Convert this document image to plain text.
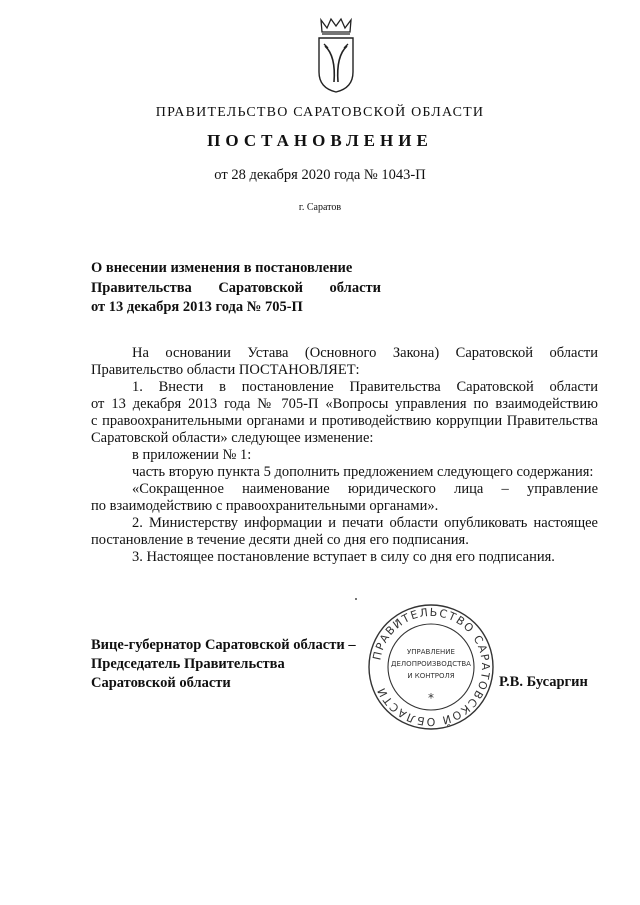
ПРАВИТЕЛЬСТВО САРАТОВСКОЙ ОБЛАСТИ
ПОСТАНОВЛЕНИЕ
от 28 декабря 2020 года № 1043-П
г. Саратов
О внесении изменения в постановление
Правительства Саратовской области
от 13 декабря 2013 года № 705-П
На основании Устава (Основного Закона) Саратовской области
Правительство области ПОСТАНОВЛЯЕТ:
1. Внести в постановление Правительства Саратовской области
от 13 декабря 2013 года № 705-П «Вопросы управления по взаимодействию
с правоохранительными органами и противодействию коррупции Правительства
Саратовской области» следующее изменение:
в приложении № 1:
часть вторую пункта 5 дополнить предложением следующего содержания:
«Сокращенное наименование юридического лица – управление
по взаимодействию с правоохранительными органами».
2. Министерству информации и печати области опубликовать настоящее
постановление в течение десяти дней со дня его подписания.
3. Настоящее постановление вступает в силу со дня его подписания.
Вице-губернатор Саратовской области –
Председатель Правительства
Саратовской области
ПРАВИТЕЛЬСТВО САРАТОВСКОЙ ОБЛАСТИ
УПРАВЛЕНИЕ
ДЕЛОПРОИЗВОДСТВА
И КОНТРОЛЯ
*
Р.В. Бусаргин
